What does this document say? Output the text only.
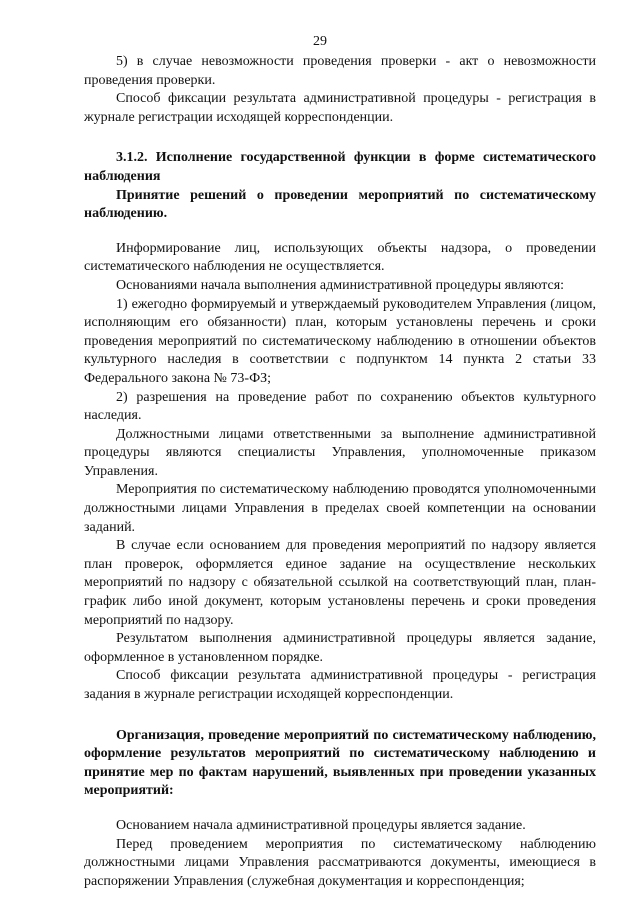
29

5) в случае невозможности проведения проверки - акт о невозможности проведения проверки.

Способ фиксации результата административной процедуры - регистрация в журнале регистрации исходящей корреспонденции.

3.1.2. Исполнение государственной функции в форме систематического наблюдения

Принятие решений о проведении мероприятий по систематическому наблюдению.

Информирование лиц, использующих объекты надзора, о проведении систематического наблюдения не осуществляется.

Основаниями начала выполнения административной процедуры являются:

1) ежегодно формируемый и утверждаемый руководителем Управления (лицом, исполняющим его обязанности) план, которым установлены перечень и сроки проведения мероприятий по систематическому наблюдению в отношении объектов культурного наследия в соответствии с подпунктом 14 пункта 2 статьи 33 Федерального закона № 73-ФЗ;

2) разрешения на проведение работ по сохранению объектов культурного наследия.

Должностными лицами ответственными за выполнение административной процедуры являются специалисты Управления, уполномоченные приказом Управления.

Мероприятия по систематическому наблюдению проводятся уполномоченными должностными лицами Управления в пределах своей компетенции на основании заданий.

В случае если основанием для проведения мероприятий по надзору является план проверок, оформляется единое задание на осуществление нескольких мероприятий по надзору с обязательной ссылкой на соответствующий план, план-график либо иной документ, которым установлены перечень и сроки проведения мероприятий по надзору.

Результатом выполнения административной процедуры является задание, оформленное в установленном порядке.

Способ фиксации результата административной процедуры - регистрация задания в журнале регистрации исходящей корреспонденции.

Организация, проведение мероприятий по систематическому наблюдению, оформление результатов мероприятий по систематическому наблюдению и принятие мер по фактам нарушений, выявленных при проведении указанных мероприятий:

Основанием начала административной процедуры является задание.

Перед проведением мероприятия по систематическому наблюдению должностными лицами Управления рассматриваются документы, имеющиеся в распоряжении Управления (служебная документация и корреспонденция;
